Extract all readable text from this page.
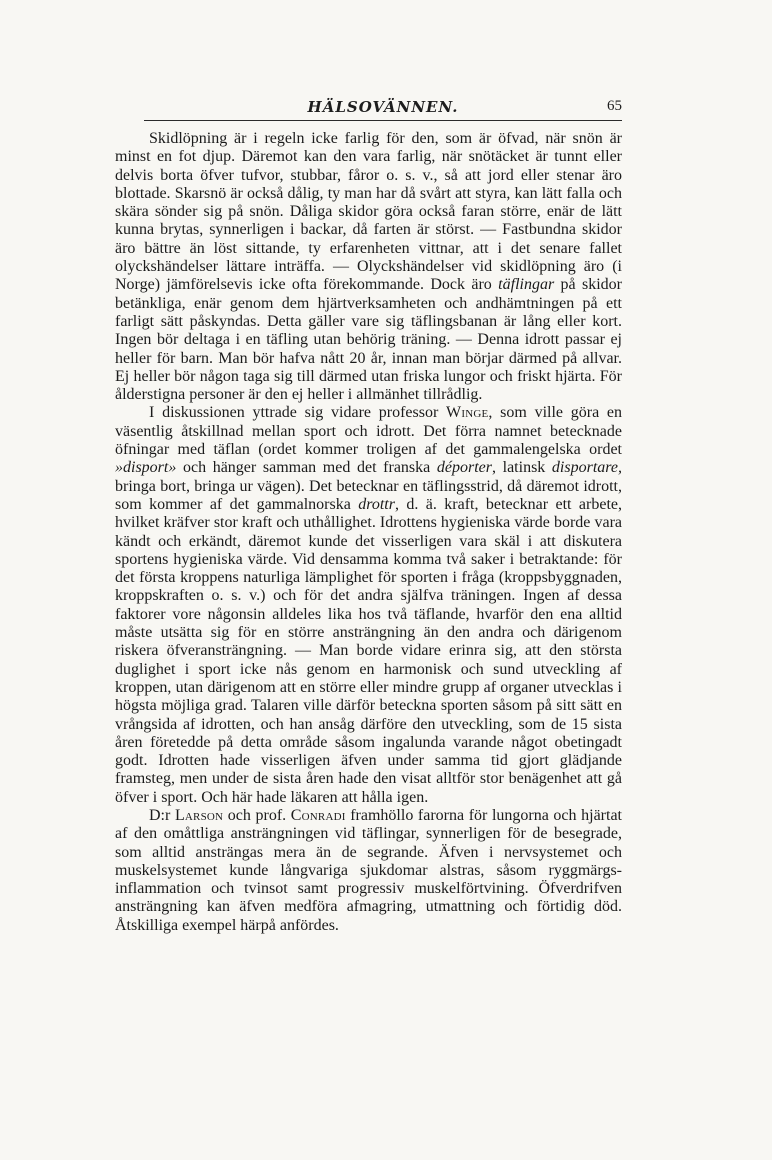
HÄLSOVÄNNEN.	65

Skidlöpning är i regeln icke farlig för den, som är öfvad, när snön är minst en fot djup. Däremot kan den vara farlig, när snötäcket är tunnt eller delvis borta öfver tufvor, stubbar, fåror o. s. v., så att jord eller stenar äro blottade. Skarsnö är också dålig, ty man har då svårt att styra, kan lätt falla och skära sönder sig på snön. Dåliga skidor göra också faran större, enär de lätt kunna brytas, synnerligen i backar, då farten är störst. — Fastbundna skidor äro bättre än löst sittande, ty erfarenheten vittnar, att i det senare fallet olyckshändelser lättare inträffa. — Olyckshändelser vid skidlöpning äro (i Norge) jämförelsevis icke ofta förekommande. Dock äro täflingar på skidor betänkliga, enär genom dem hjärtverksamheten och andhämtningen på ett farligt sätt påskyndas. Detta gäller vare sig täflingsbanan är lång eller kort. Ingen bör deltaga i en täfling utan behörig träning. — Denna idrott passar ej heller för barn. Man bör hafva nått 20 år, innan man börjar därmed på allvar. Ej heller bör någon taga sig till därmed utan friska lungor och friskt hjärta. För ålderstigna personer är den ej heller i allmänhet tillrådlig.

I diskussionen yttrade sig vidare professor Winge, som ville göra en väsentlig åtskillnad mellan sport och idrott. Det förra namnet betecknade öfningar med täflan (ordet kommer troligen af det gammalengelska ordet »disport» och hänger samman med det franska déporter, latinsk disportare, bringa bort, bringa ur vägen). Det betecknar en täflingsstrid, då däremot idrott, som kommer af det gammalnorska drottr, d. ä. kraft, betecknar ett arbete, hvilket kräfver stor kraft och uthållighet. Idrottens hygieniska värde borde vara kändt och erkändt, däremot kunde det visserligen vara skäl i att diskutera sportens hygieniska värde. Vid densamma komma två saker i betraktande: för det första kroppens naturliga lämplighet för sporten i fråga (kroppsbyggnaden, kroppskraften o. s. v.) och för det andra själfva träningen. Ingen af dessa faktorer vore någonsin alldeles lika hos två täflande, hvarför den ena alltid måste utsätta sig för en större ansträngning än den andra och därigenom riskera öfveransträngning. — Man borde vidare erinra sig, att den största duglighet i sport icke nås genom en harmonisk och sund utveckling af kroppen, utan därigenom att en större eller mindre grupp af organer utvecklas i högsta möjliga grad. Talaren ville därför beteckna sporten såsom på sitt sätt en vrångsida af idrotten, och han ansåg därföre den utveckling, som de 15 sista åren företedde på detta område såsom ingalunda varande något obetingadt godt. Idrotten hade visserligen äfven under samma tid gjort glädjande framsteg, men under de sista åren hade den visat alltför stor benägenhet att gå öfver i sport. Och här hade läkaren att hålla igen.

D:r Larson och prof. Conradi framhöllo farorna för lungorna och hjärtat af den omåttliga ansträngningen vid täflingar, synnerligen för de besegrade, som alltid ansträngas mera än de segrande. Äfven i nervsystemet och muskelsystemet kunde långvariga sjukdomar alstras, såsom ryggmärgs-inflammation och tvinsot samt progressiv muskelförtvining. Öfverdrifven ansträngning kan äfven medföra afmagring, utmattning och förtidig död. Åtskilliga exempel härpå anfördes.
